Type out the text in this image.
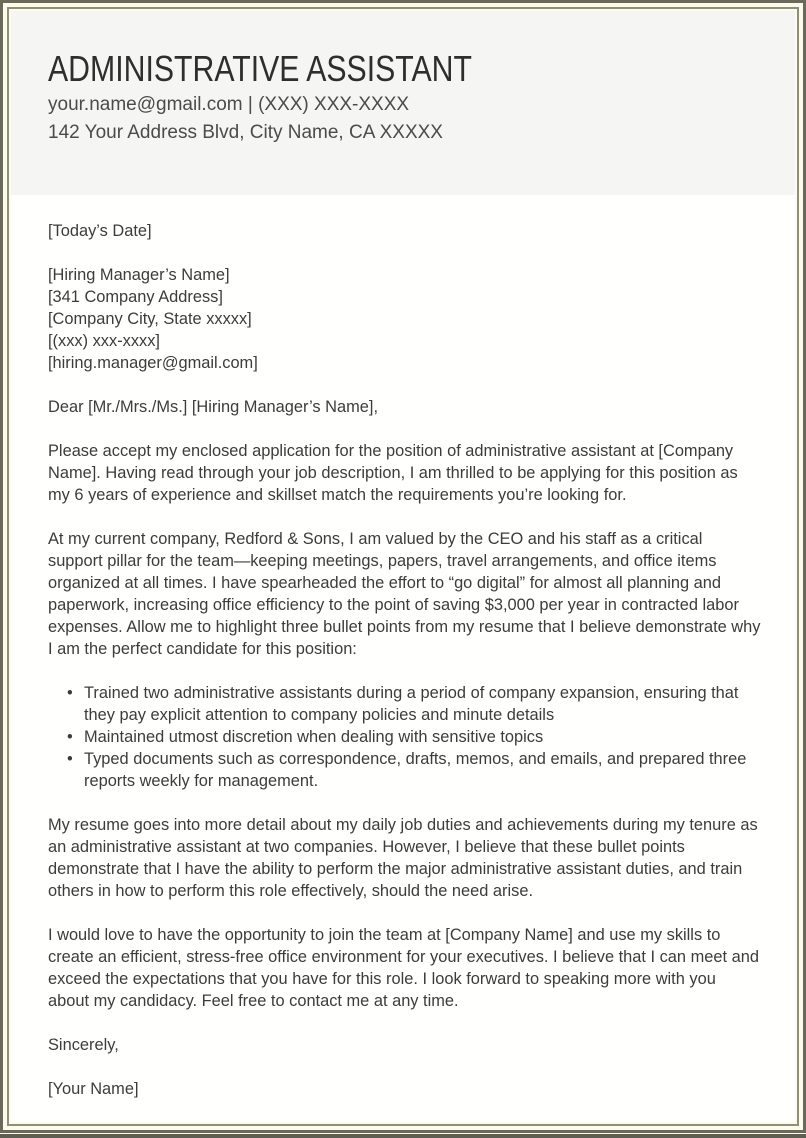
ADMINISTRATIVE ASSISTANT
your.name@gmail.com | (XXX) XXX-XXXX
142 Your Address Blvd, City Name, CA XXXXX
[Today’s Date]
[Hiring Manager’s Name]
[341 Company Address]
[Company City, State xxxxx]
[(xxx) xxx-xxxx]
[hiring.manager@gmail.com]

Dear [Mr./Mrs./Ms.] [Hiring Manager’s Name],

Please accept my enclosed application for the position of administrative assistant at [Company Name]. Having read through your job description, I am thrilled to be applying for this position as my 6 years of experience and skillset match the requirements you’re looking for.

At my current company, Redford & Sons, I am valued by the CEO and his staff as a critical support pillar for the team—keeping meetings, papers, travel arrangements, and office items organized at all times. I have spearheaded the effort to “go digital” for almost all planning and paperwork, increasing office efficiency to the point of saving $3,000 per year in contracted labor expenses. Allow me to highlight three bullet points from my resume that I believe demonstrate why I am the perfect candidate for this position:

• Trained two administrative assistants during a period of company expansion, ensuring that they pay explicit attention to company policies and minute details
• Maintained utmost discretion when dealing with sensitive topics
• Typed documents such as correspondence, drafts, memos, and emails, and prepared three reports weekly for management.

My resume goes into more detail about my daily job duties and achievements during my tenure as an administrative assistant at two companies. However, I believe that these bullet points demonstrate that I have the ability to perform the major administrative assistant duties, and train others in how to perform this role effectively, should the need arise.

I would love to have the opportunity to join the team at [Company Name] and use my skills to create an efficient, stress-free office environment for your executives. I believe that I can meet and exceed the expectations that you have for this role. I look forward to speaking more with you about my candidacy. Feel free to contact me at any time.

Sincerely,

[Your Name]
